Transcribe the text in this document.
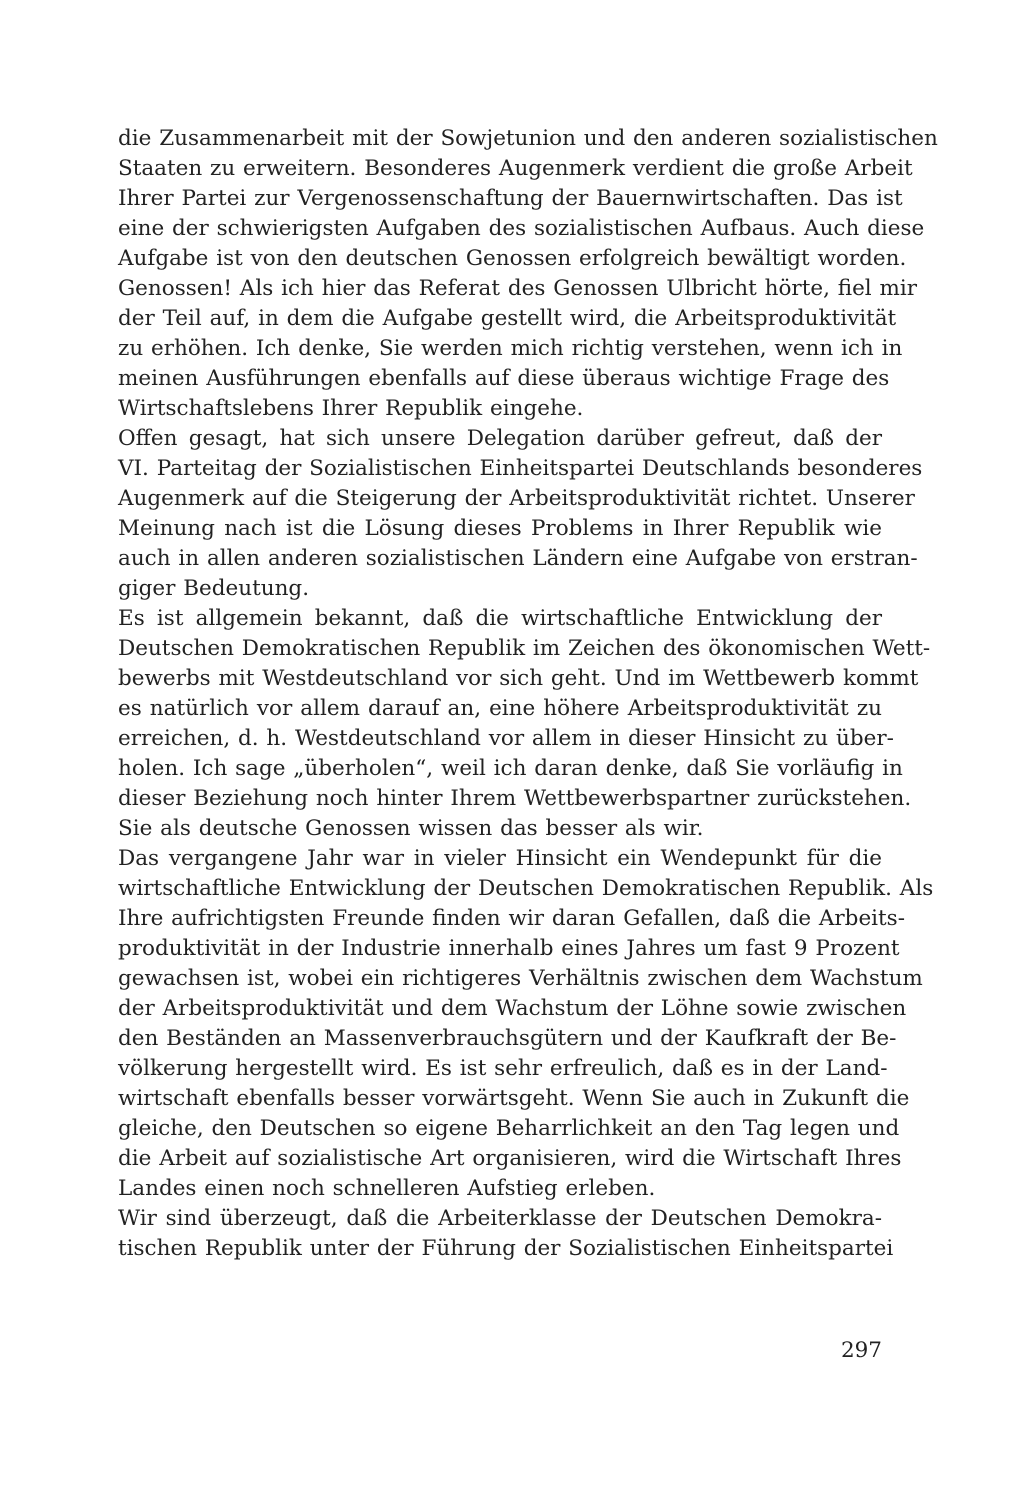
die Zusammenarbeit mit der Sowjetunion und den anderen sozialistischen
Staaten zu erweitern. Besonderes Augenmerk verdient die große Arbeit
Ihrer Partei zur Vergenossenschaftung der Bauernwirtschaften. Das ist
eine der schwierigsten Aufgaben des sozialistischen Aufbaus. Auch diese
Aufgabe ist von den deutschen Genossen erfolgreich bewältigt worden.
Genossen! Als ich hier das Referat des Genossen Ulbricht hörte, fiel mir
der Teil auf, in dem die Aufgabe gestellt wird, die Arbeitsproduktivität
zu erhöhen. Ich denke, Sie werden mich richtig verstehen, wenn ich in
meinen Ausführungen ebenfalls auf diese überaus wichtige Frage des
Wirtschaftslebens Ihrer Republik eingehe.
Offen gesagt, hat sich unsere Delegation darüber gefreut, daß der
VI. Parteitag der Sozialistischen Einheitspartei Deutschlands besonderes
Augenmerk auf die Steigerung der Arbeitsproduktivität richtet. Unserer
Meinung nach ist die Lösung dieses Problems in Ihrer Republik wie
auch in allen anderen sozialistischen Ländern eine Aufgabe von erstran-
giger Bedeutung.
Es ist allgemein bekannt, daß die wirtschaftliche Entwicklung der
Deutschen Demokratischen Republik im Zeichen des ökonomischen Wett-
bewerbs mit Westdeutschland vor sich geht. Und im Wettbewerb kommt
es natürlich vor allem darauf an, eine höhere Arbeitsproduktivität zu
erreichen, d. h. Westdeutschland vor allem in dieser Hinsicht zu über-
holen. Ich sage „überholen“, weil ich daran denke, daß Sie vorläufig in
dieser Beziehung noch hinter Ihrem Wettbewerbspartner zurückstehen.
Sie als deutsche Genossen wissen das besser als wir.
Das vergangene Jahr war in vieler Hinsicht ein Wendepunkt für die
wirtschaftliche Entwicklung der Deutschen Demokratischen Republik. Als
Ihre aufrichtigsten Freunde finden wir daran Gefallen, daß die Arbeits-
produktivität in der Industrie innerhalb eines Jahres um fast 9 Prozent
gewachsen ist, wobei ein richtigeres Verhältnis zwischen dem Wachstum
der Arbeitsproduktivität und dem Wachstum der Löhne sowie zwischen
den Beständen an Massenverbrauchsgütern und der Kaufkraft der Be-
völkerung hergestellt wird. Es ist sehr erfreulich, daß es in der Land-
wirtschaft ebenfalls besser vorwärtsgeht. Wenn Sie auch in Zukunft die
gleiche, den Deutschen so eigene Beharrlichkeit an den Tag legen und
die Arbeit auf sozialistische Art organisieren, wird die Wirtschaft Ihres
Landes einen noch schnelleren Aufstieg erleben.
Wir sind überzeugt, daß die Arbeiterklasse der Deutschen Demokra-
tischen Republik unter der Führung der Sozialistischen Einheitspartei
297
